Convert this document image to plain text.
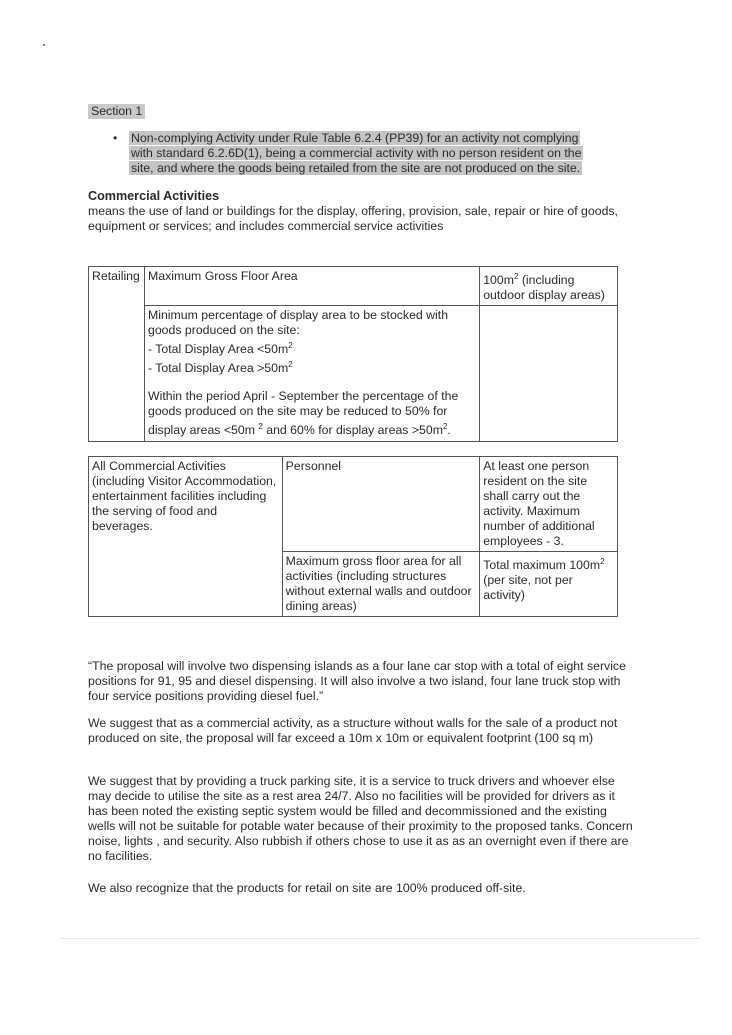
Section 1
• Non-complying Activity under Rule Table 6.2.4 (PP39) for an activity not complying
with standard 6.2.6D(1), being a commercial activity with no person resident on the
site, and where the goods being retailed from the site are not produced on the site.
Commercial Activities
means the use of land or buildings for the display, offering, provision, sale, repair or hire of goods, equipment or services; and includes commercial service activities
Retailing	Maximum Gross Floor Area	$100m^2$ (including outdoor display areas)

	Minimum percentage of display area to be stocked with goods produced on the site:
- Total Display Area $<50m^2$
- Total Display Area $>50m^2$
Within the period April - September the percentage of the goods produced on the site may be reduced to 50% for display areas <50m $^2$ and 60% for display areas $>50m^2$.	

All Commercial Activities (including Visitor Accommodation, entertainment facilities including the serving of food and beverages.	Personnel	At least one person resident on the site shall carry out the activity. Maximum number of additional employees - 3.
	Maximum gross floor area for all activities (including structures without external walls and outdoor dining areas)	Total maximum $100m^2$ (per site, not per activity)
“The proposal will involve two dispensing islands as a four lane car stop with a total of eight service positions for 91, 95 and diesel dispensing. It will also involve a two island, four lane truck stop with four service positions providing diesel fuel.”
We suggest that as a commercial activity, as a structure without walls for the sale of a product not produced on site, the proposal will far exceed a 10m x 10m or equivalent footprint (100 sq m)
We suggest that by providing a truck parking site, it is a service to truck drivers and whoever else may decide to utilise the site as a rest area 24/7. Also no facilities will be provided for drivers as it has been noted the existing septic system would be filled and decommissioned and the existing wells will not be suitable for potable water because of their proximity to the proposed tanks. Concern noise, lights , and security. Also rubbish if others chose to use it as as an overnight even if there are no facilities.
We also recognize that the products for retail on site are 100% produced off-site.
